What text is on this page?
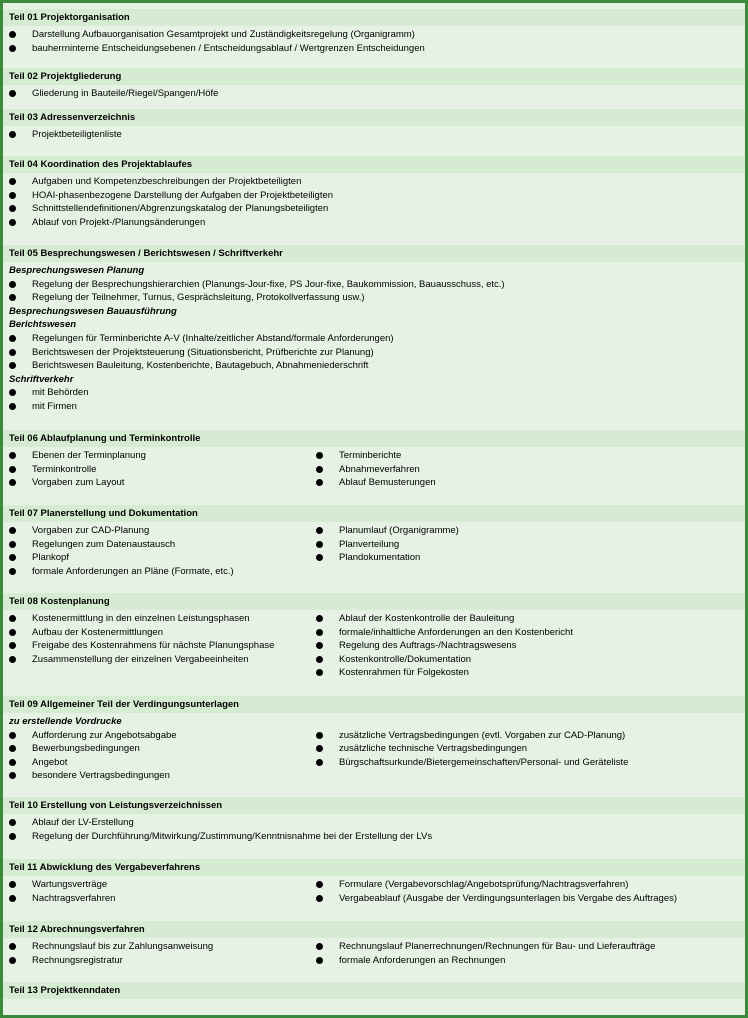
Teil 01 Projektorganisation
Darstellung Aufbauorganisation Gesamtprojekt und Zuständigkeitsregelung (Organigramm)
bauherrninterne Entscheidungsebenen / Entscheidungsablauf / Wertgrenzen Entscheidungen
Teil 02 Projektgliederung
Gliederung in Bauteile/Riegel/Spangen/Höfe
Teil 03 Adressenverzeichnis
Projektbeteiligtenliste
Teil 04 Koordination des Projektablaufes
Aufgaben und Kompetenzbeschreibungen der Projektbeteiligten
HOAI-phasenbezogene Darstellung der Aufgaben der Projektbeteiligten
Schnittstellendefinitionen/Abgrenzungskatalog der Planungsbeteiligten
Ablauf von Projekt-/Planungsänderungen
Teil 05 Besprechungswesen / Berichtswesen / Schriftverkehr
Besprechungswesen Planung
Regelung der Besprechungshierarchien (Planungs-Jour-fixe, PS Jour-fixe, Baukommission, Bauausschuss, etc.)
Regelung der Teilnehmer, Turnus, Gesprächsleitung, Protokollverfassung usw.)
Besprechungswesen Bauausführung
Berichtswesen
Regelungen für Terminberichte A-V (Inhalte/zeitlicher Abstand/formale Anforderungen)
Berichtswesen der Projektsteuerung (Situationsbericht, Prüfberichte zur Planung)
Berichtswesen Bauleitung, Kostenberichte, Bautagebuch, Abnahmeniederschrift
Schriftverkehr
mit Behörden
mit Firmen
Teil 06 Ablaufplanung und Terminkontrolle
Ebenen der Terminplanung
Terminkontrolle
Vorgaben zum Layout
Terminberichte
Abnahmeverfahren
Ablauf Bemusterungen
Teil 07 Planerstellung und Dokumentation
Vorgaben zur CAD-Planung
Regelungen zum Datenaustausch
Plankopf
formale Anforderungen an Pläne (Formate, etc.)
Planumlauf (Organigramme)
Planverteilung
Plandokumentation
Teil 08 Kostenplanung
Kostenermittlung in den einzelnen Leistungsphasen
Aufbau der Kostenermittlungen
Freigabe des Kostenrahmens für nächste Planungsphase
Zusammenstellung der einzelnen Vergabeeinheiten
Ablauf der Kostenkontrolle der Bauleitung
formale/inhaltliche Anforderungen an den Kostenbericht
Regelung des Auftrags-/Nachtragswesens
Kostenkontrolle/Dokumentation
Kostenrahmen für Folgekosten
Teil 09 Allgemeiner Teil der Verdingungsunterlagen
zu erstellende Vordrucke
Aufforderung zur Angebotsabgabe
Bewerbungsbedingungen
Angebot
besondere Vertragsbedingungen
zusätzliche Vertragsbedingungen (evtl. Vorgaben zur CAD-Planung)
zusätzliche technische Vertragsbedingungen
Bürgschaftsurkunde/Bietergemeinschaften/Personal- und Geräteliste
Teil 10 Erstellung von Leistungsverzeichnissen
Ablauf der LV-Erstellung
Regelung der Durchführung/Mitwirkung/Zustimmung/Kenntnisnahme bei der Erstellung der LVs
Teil 11 Abwicklung des Vergabeverfahrens
Wartungsverträge
Nachtragsverfahren
Formulare (Vergabevorschlag/Angebotsprüfung/Nachtragsverfahren)
Vergabeablauf (Ausgabe der Verdingungsunterlagen bis Vergabe des Auftrages)
Teil 12 Abrechnungsverfahren
Rechnungslauf bis zur Zahlungsanweisung
Rechnungsregistratur
Rechnungslauf Planerrechnungen/Rechnungen für Bau- und Lieferaufträge
formale Anforderungen an Rechnungen
Teil 13 Projektkenndaten
